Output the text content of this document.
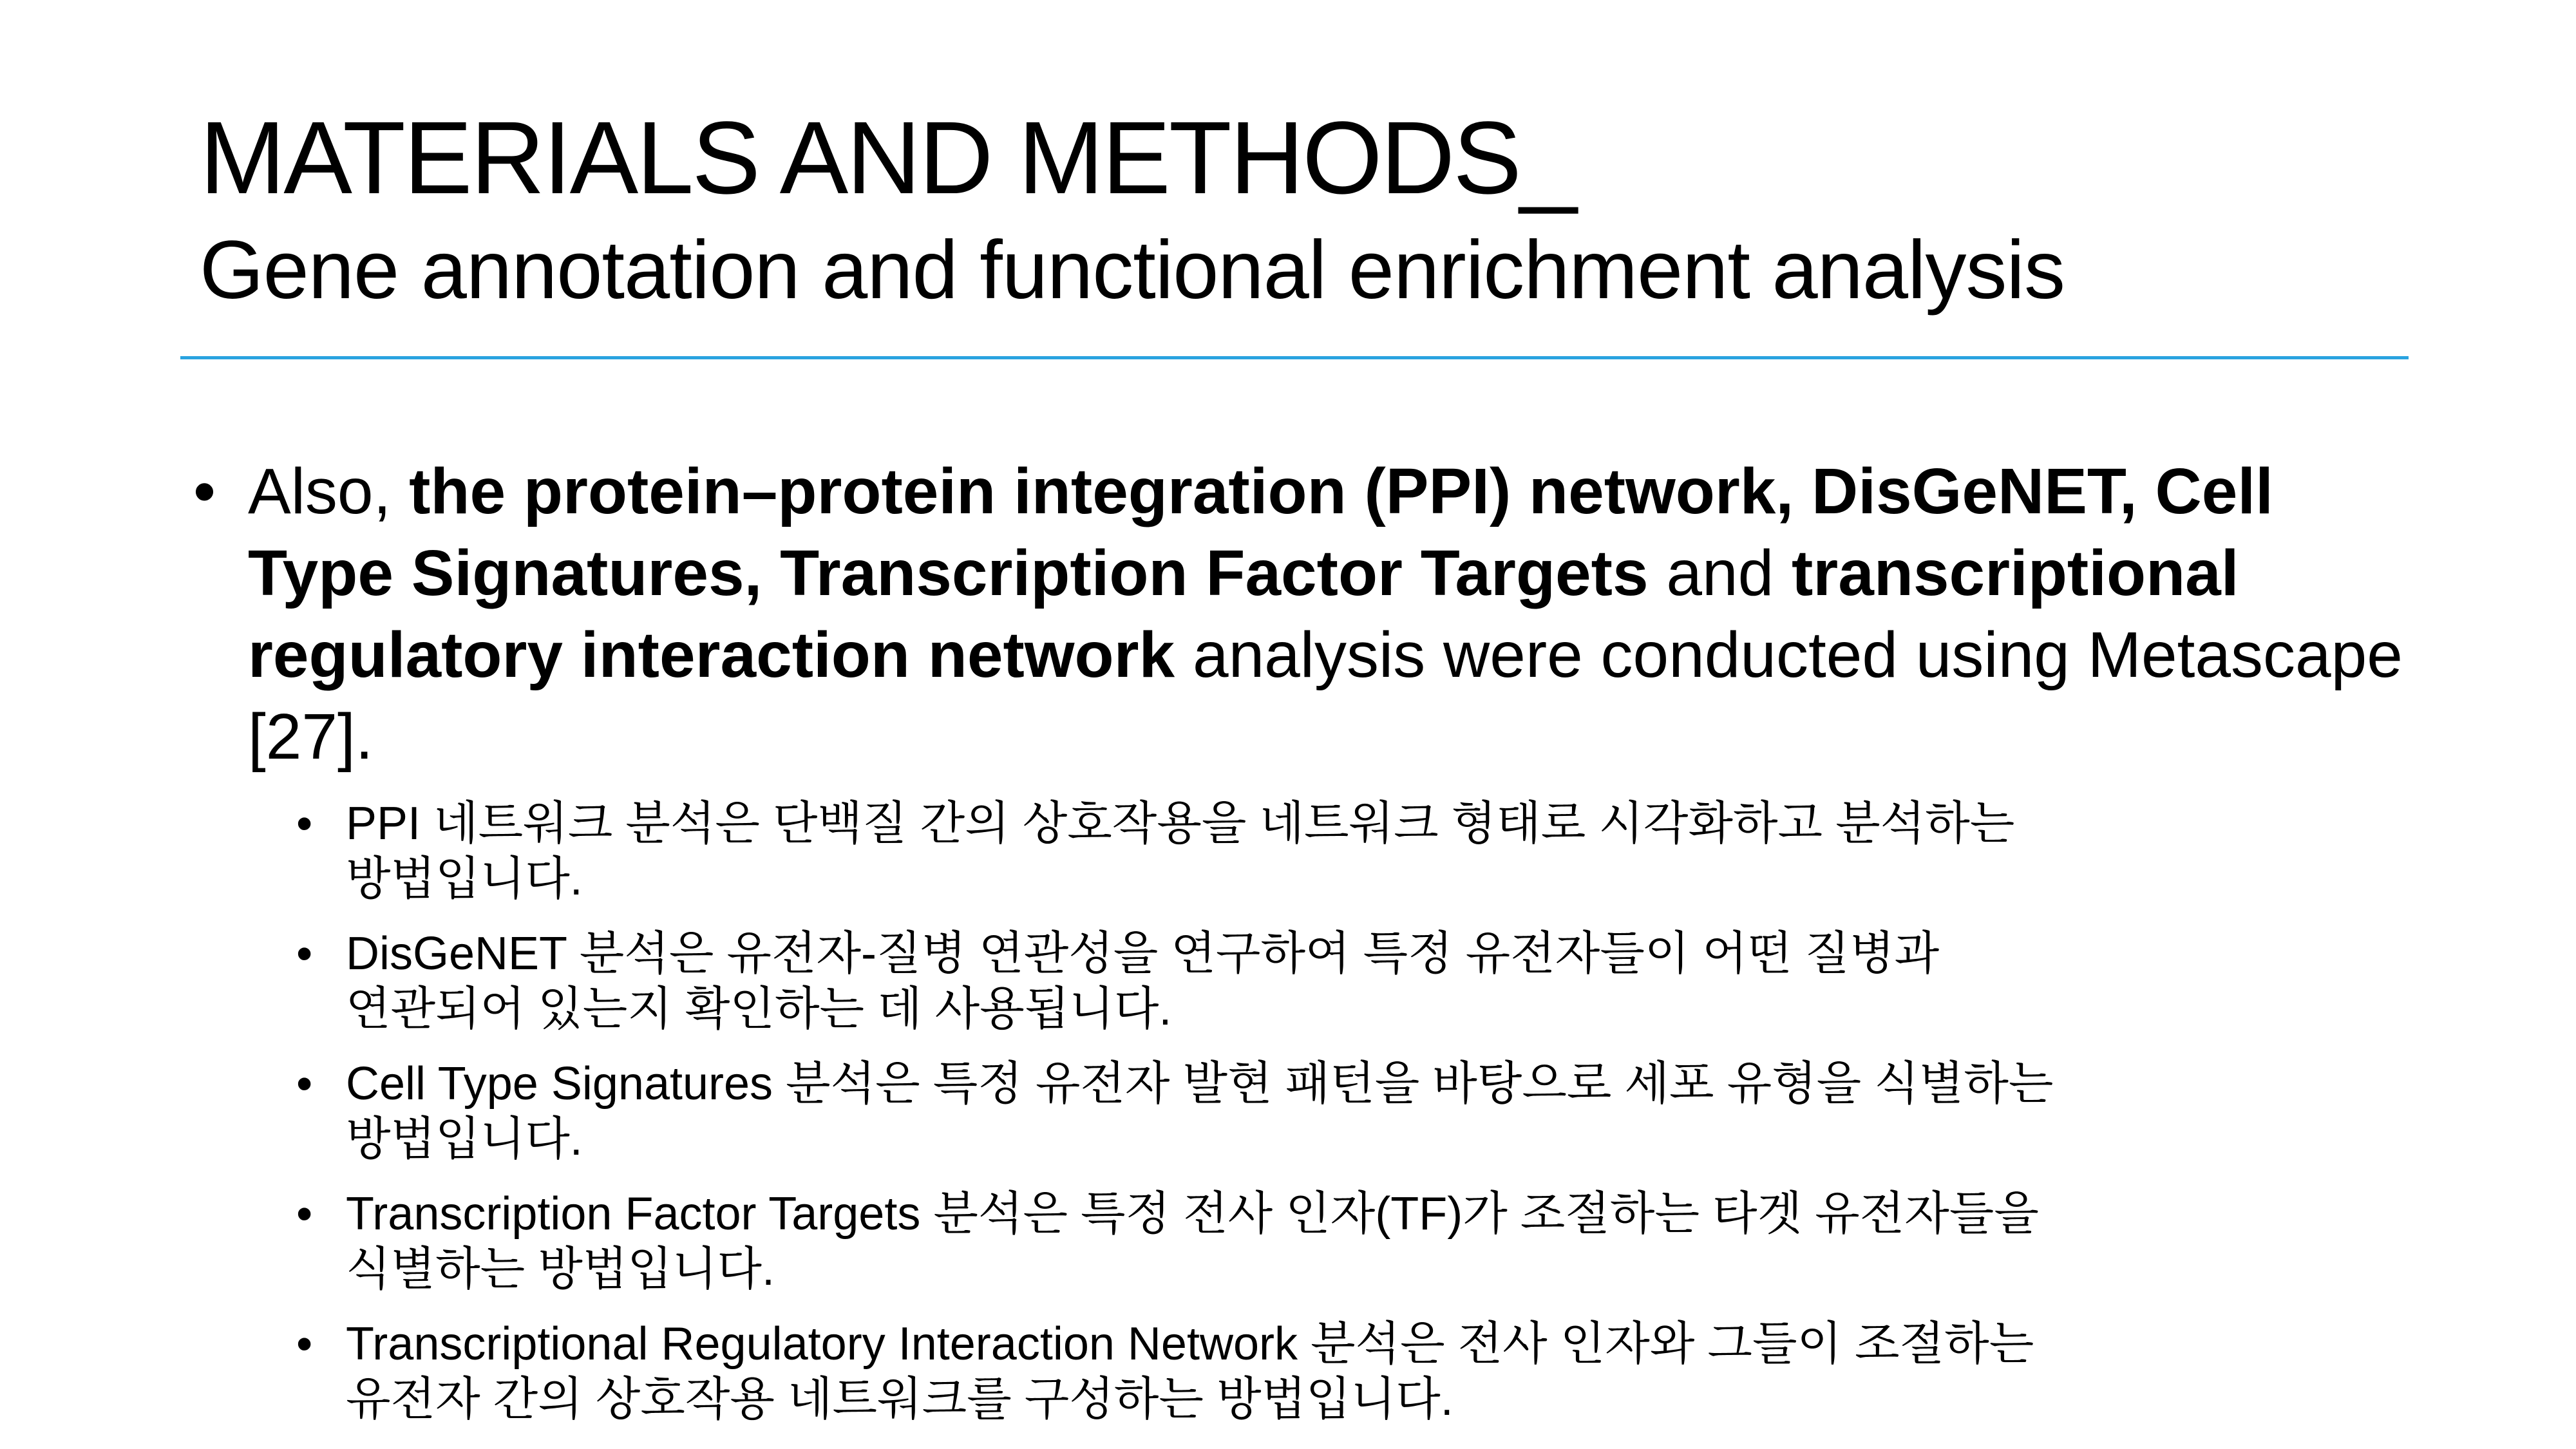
MATERIALS AND METHODS_
Gene annotation and functional enrichment analysis
• Also, the protein–protein integration (PPI) network, DisGeNET, Cell Type Signatures, Transcription Factor Targets and transcriptional regulatory interaction network analysis were conducted using Metascape [27].
• PPI 네트워크 분석은 단백질 간의 상호작용을 네트워크 형태로 시각화하고 분석하는
방법입니다.
• DisGeNET 분석은 유전자-질병 연관성을 연구하여 특정 유전자들이 어떤 질병과
연관되어 있는지 확인하는 데 사용됩니다.
• Cell Type Signatures 분석은 특정 유전자 발현 패턴을 바탕으로 세포 유형을 식별하는
방법입니다.
• Transcription Factor Targets 분석은 특정 전사 인자(TF)가 조절하는 타겟 유전자들을
식별하는 방법입니다.
• Transcriptional Regulatory Interaction Network 분석은 전사 인자와 그들이 조절하는
유전자 간의 상호작용 네트워크를 구성하는 방법입니다.
